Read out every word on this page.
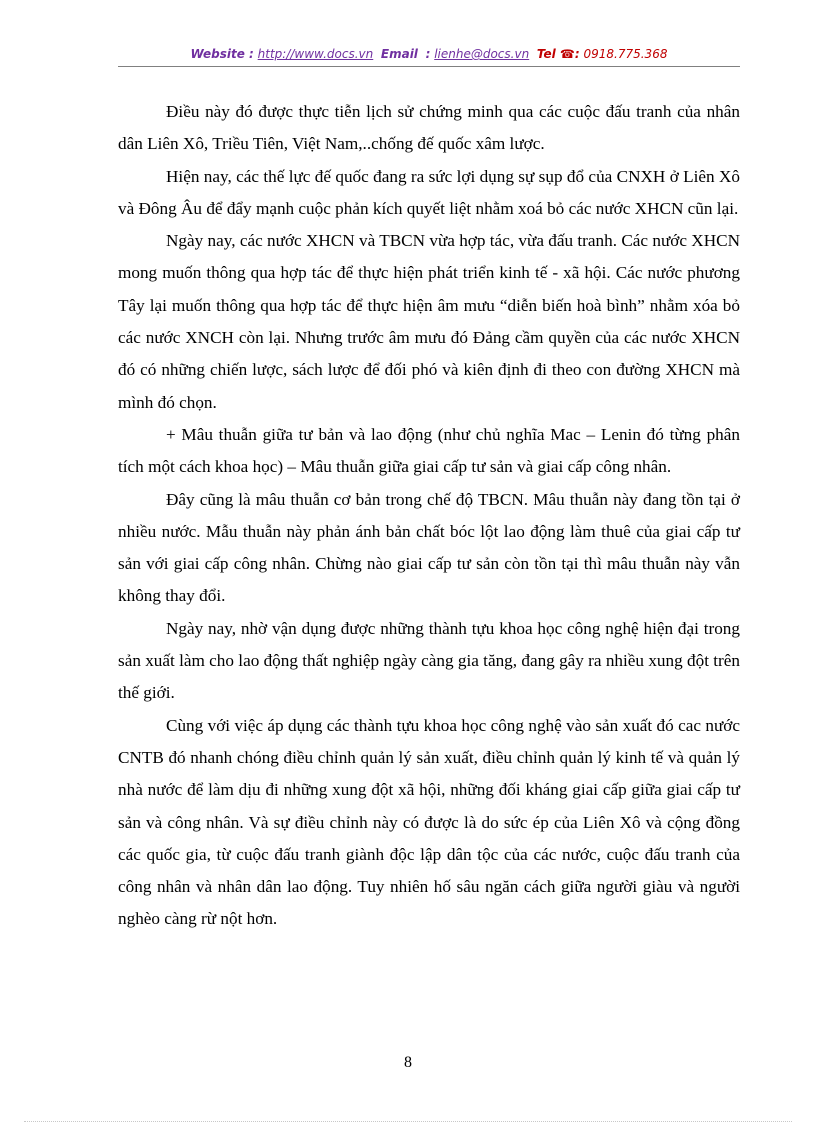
Website : http://www.docs.vn Email : lienhe@docs.vn Tel ☎: 0918.775.368

Điều này đó được thực tiễn lịch sử chứng minh qua các cuộc đấu tranh của nhân dân Liên Xô, Triều Tiên, Việt Nam,..chống đế quốc xâm lược.

Hiện nay, các thế lực đế quốc đang ra sức lợi dụng sự sụp đổ của CNXH ở Liên Xô và Đông Âu để đẩy mạnh cuộc phản kích quyết liệt nhằm xoá bỏ các nước XHCN cũn lại.

Ngày nay, các nước XHCN và TBCN vừa hợp tác, vừa đấu tranh. Các nước XHCN mong muốn thông qua hợp tác để thực hiện phát triển kinh tế - xã hội. Các nước phương Tây lại muốn thông qua hợp tác để thực hiện âm mưu “diễn biến hoà bình” nhằm xóa bỏ các nước XNCH còn lại. Nhưng trước âm mưu đó Đảng cầm quyền của các nước XHCN đó có những chiến lược, sách lược để đối phó và kiên định đi theo con đường XHCN mà mình đó chọn.

+ Mâu thuẫn giữa tư bản và lao động (như chủ nghĩa Mac – Lenin đó từng phân tích một cách khoa học) – Mâu thuẫn giữa giai cấp tư sản và giai cấp công nhân.

Đây cũng là mâu thuẫn cơ bản trong chế độ TBCN. Mâu thuẫn này đang tồn tại ở nhiều nước. Mẫu thuẫn này phản ánh bản chất bóc lột lao động làm thuê của giai cấp tư sản với giai cấp công nhân. Chừng nào giai cấp tư sản còn tồn tại thì mâu thuẫn này vẫn không thay đổi.

Ngày nay, nhờ vận dụng được những thành tựu khoa học công nghệ hiện đại trong sản xuất làm cho lao động thất nghiệp ngày càng gia tăng, đang gây ra nhiều xung đột trên thế giới.

Cùng với việc áp dụng các thành tựu khoa học công nghệ vào sản xuất đó cac nước CNTB đó nhanh chóng điều chỉnh quản lý sản xuất, điều chỉnh quản lý kinh tế và quản lý nhà nước để làm dịu đi những xung đột xã hội, những đối kháng giai cấp giữa giai cấp tư sản và công nhân. Và sự điều chỉnh này có được là do sức ép của Liên Xô và cộng đồng các quốc gia, từ cuộc đấu tranh giành độc lập dân tộc của các nước, cuộc đấu tranh của công nhân và nhân dân lao động. Tuy nhiên hố sâu ngăn cách giữa người giàu và người nghèo càng rừ nột hơn.

8
